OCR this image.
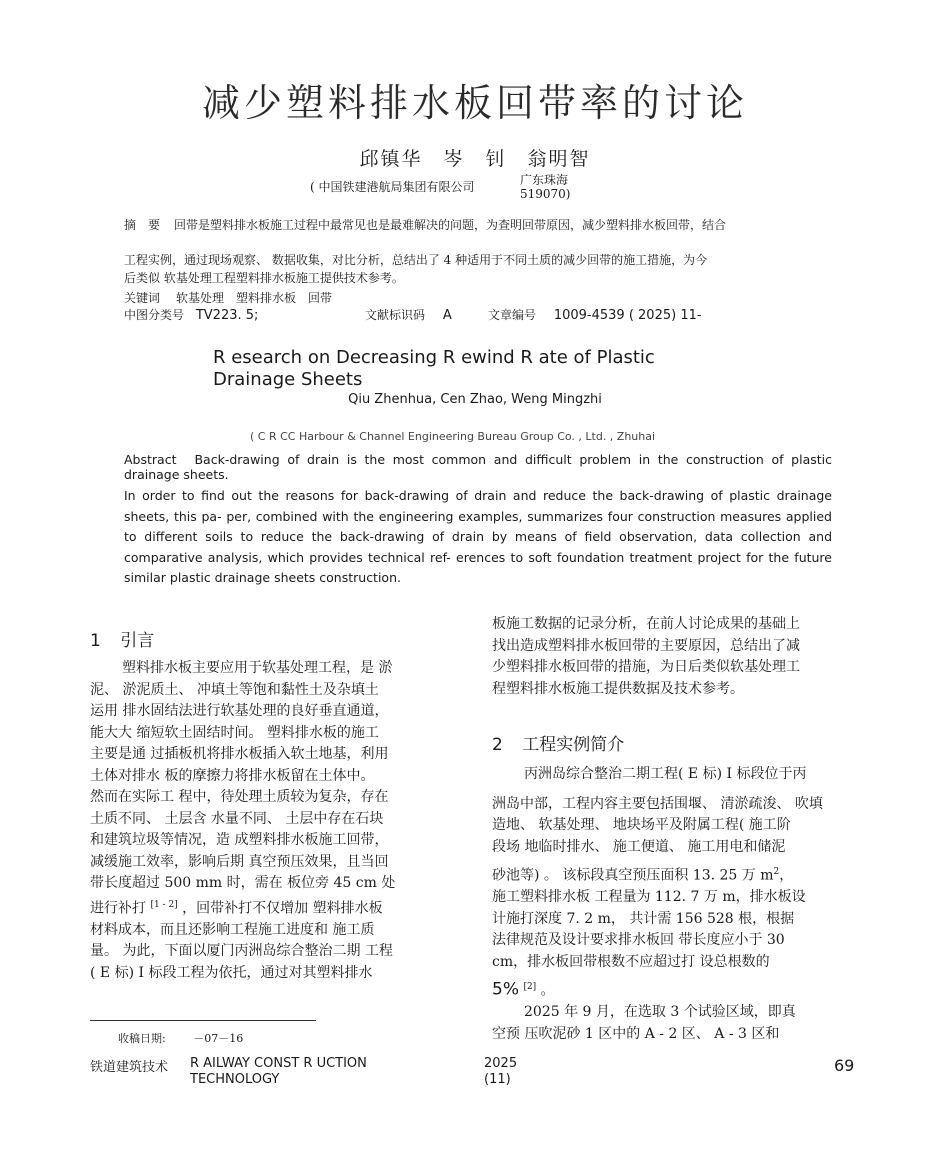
减少塑料排水板回带率的讨论
邱镇华　岑　钊　翁明智
( 中国铁建港航局集团有限公司	广东珠海 519070)
摘　要 回带是塑料排水板施工过程中最常见也是最难解决的问题，为查明回带原因，减少塑料排水板回带，结合
工程实例，通过现场观察、 数据收集，对比分析，总结出了 4 种适用于不同土质的减少回带的施工措施，为今
后类似 软基处理工程塑料排水板施工提供技术参考。
关键词 软基处理　塑料排水板　回带
中图分类号 TV223. 5;	文献标识码 A	文章编号 1009-4539 ( 2025) 11-
R esearch on Decreasing R ewind R ate of Plastic Drainage Sheets
Qiu Zhenhua, Cen Zhao, Weng Mingzhi
( C R CC Harbour & Channel Engineering Bureau Group Co. , Ltd. , Zhuhai
Abstract Back-drawing of drain is the most common and difficult problem in the construction of plastic drainage sheets.
In order to find out the reasons for back-drawing of drain and reduce the back-drawing of plastic drainage sheets, this pa- per, combined with the engineering examples, summarizes four construction measures applied to different soils to reduce the back-drawing of drain by means of field observation, data collection and comparative analysis, which provides technical ref- erences to soft foundation treatment project for the future similar plastic drainage sheets construction.
1 引言

塑料排水板主要应用于软基处理工程，是 淤

泥、 淤泥质土、 冲填土等饱和黏性土及杂填土

运用 排水固结法进行软基处理的良好垂直通道，

能大大 缩短软土固结时间。 塑料排水板的施工

主要是通 过插板机将排水板插入软土地基，利用

土体对排水 板的摩擦力将排水板留在土体中。

然而在实际工 程中，待处理土质较为复杂，存在

土质不同、 土层含 水量不同、 土层中存在石块

和建筑垃圾等情况，造 成塑料排水板施工回带，

减缓施工效率，影响后期 真空预压效果，且当回

带长度超过 500 mm 时，需在 板位旁 45 cm 处

进行补打 [1 - 2] ，回带补打不仅增加 塑料排水板

材料成本，而且还影响工程施工进度和 施工质

量。 为此，下面以厦门丙洲岛综合整治二期 工程

( E 标) Ⅰ 标段工程为依托，通过对其塑料排水

收稿日期:	－07－16

板施工数据的记录分析，在前人讨论成果的基础上

找出造成塑料排水板回带的主要原因，总结出了减

少塑料排水板回带的措施，为日后类似软基处理工

程塑料排水板施工提供数据及技术参考。

2 工程实例简介

丙洲岛综合整治二期工程( E 标) Ⅰ 标段位于丙

洲岛中部，工程内容主要包括围堰、 清淤疏浚、 吹填

造地、 软基处理、 地块场平及附属工程( 施工阶

段场 地临时排水、 施工便道、 施工用电和储泥

砂池等) 。 该标段真空预压面积 13. 25 万 $m^2$，

施工塑料排水板 工程量为 112. 7 万 m，排水板设

计施打深度 7. 2 m， 共计需 156 528 根，根据

法律规范及设计要求排水板回 带长度应小于 30

cm，排水板回带根数不应超过打 设总根数的

5% [2] 。

2025 年 9 月，在选取 3 个试验区域，即真

空预 压吹泥砂 1 区中的 A - 2 区、 A - 3 区和

铁道建筑技术 R AILWAY CONST R UCTION TECHNOLOGY
2025
(11)
69
